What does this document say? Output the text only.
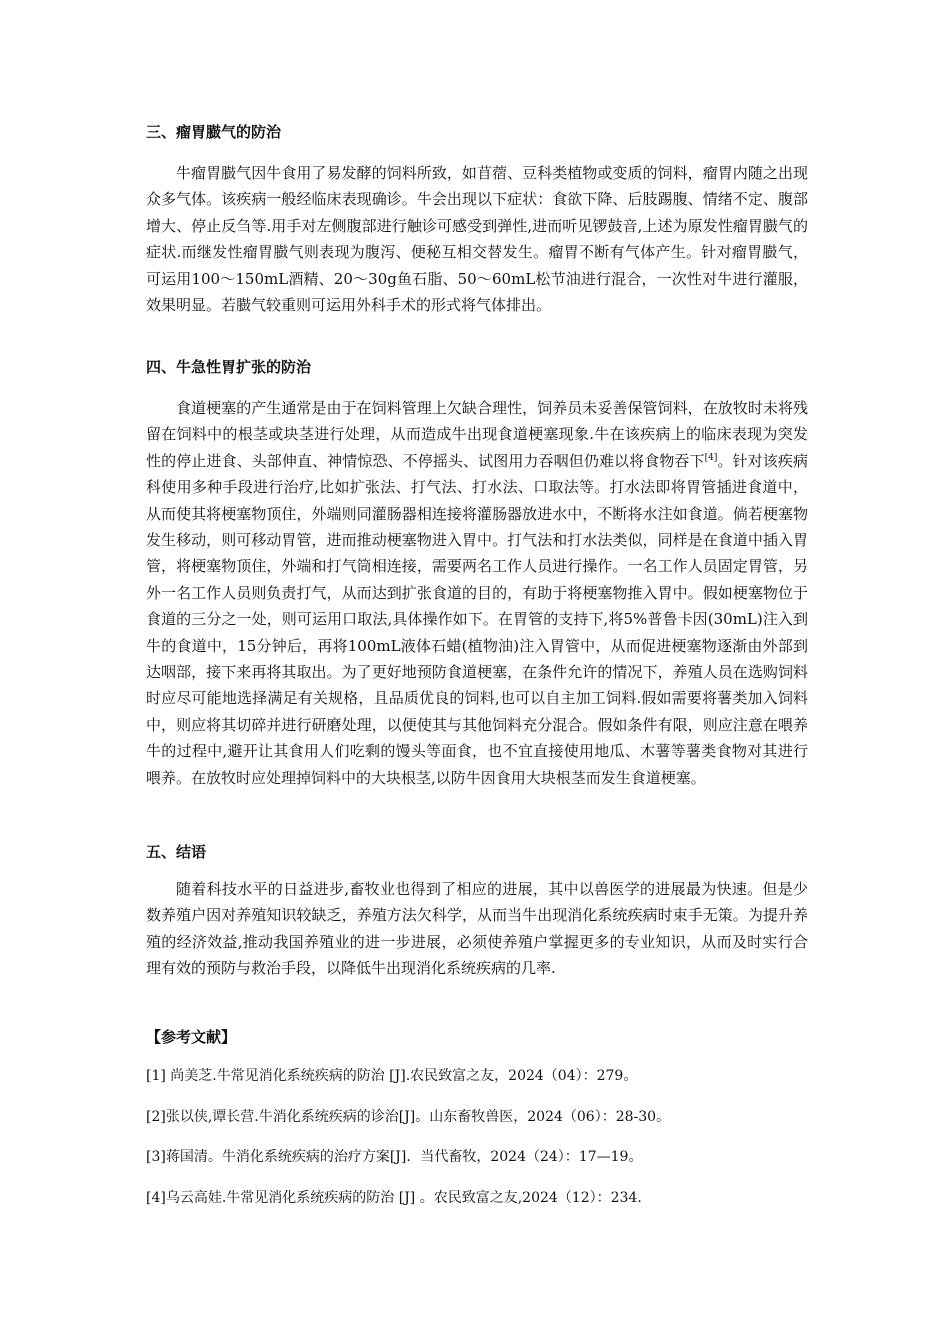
三、瘤胃臌气的防治

牛瘤胃臌气因牛食用了易发酵的饲料所致，如苜蓿、豆科类植物或变质的饲料，瘤胃内随之出现众多气体。该疾病一般经临床表现确诊。牛会出现以下症状：食欲下降、后肢踢腹、情绪不定、腹部增大、停止反刍等.用手对左侧腹部进行触诊可感受到弹性,进而听见锣鼓音,上述为原发性瘤胃臌气的症状.而继发性瘤胃臌气则表现为腹泻、便秘互相交替发生。瘤胃不断有气体产生。针对瘤胃臌气，可运用100～150mL酒精、20～30g鱼石脂、50～60mL松节油进行混合，一次性对牛进行灌服，效果明显。若臌气较重则可运用外科手术的形式将气体排出。

四、牛急性胃扩张的防治

食道梗塞的产生通常是由于在饲料管理上欠缺合理性，饲养员未妥善保管饲料，在放牧时未将残留在饲料中的根茎或块茎进行处理，从而造成牛出现食道梗塞现象.牛在该疾病上的临床表现为突发性的停止进食、头部伸直、神情惊恐、不停摇头、试图用力吞咽但仍难以将食物吞下[4]。针对该疾病科使用多种手段进行治疗,比如扩张法、打气法、打水法、口取法等。打水法即将胃管插进食道中，从而使其将梗塞物顶住，外端则同灌肠器相连接将灌肠器放进水中，不断将水注如食道。倘若梗塞物发生移动，则可移动胃管，进而推动梗塞物进入胃中。打气法和打水法类似，同样是在食道中插入胃管，将梗塞物顶住，外端和打气筒相连接，需要两名工作人员进行操作。一名工作人员固定胃管，另外一名工作人员则负责打气，从而达到扩张食道的目的，有助于将梗塞物推入胃中。假如梗塞物位于食道的三分之一处，则可运用口取法,具体操作如下。在胃管的支持下,将5%普鲁卡因(30mL)注入到牛的食道中，15分钟后，再将100mL液体石蜡(植物油)注入胃管中，从而促进梗塞物逐渐由外部到达咽部，接下来再将其取出。为了更好地预防食道梗塞，在条件允许的情况下，养殖人员在选购饲料时应尽可能地选择满足有关规格，且品质优良的饲料,也可以自主加工饲料.假如需要将薯类加入饲料中，则应将其切碎并进行研磨处理，以便使其与其他饲料充分混合。假如条件有限，则应注意在喂养牛的过程中,避开让其食用人们吃剩的馒头等面食，也不宜直接使用地瓜、木薯等薯类食物对其进行喂养。在放牧时应处理掉饲料中的大块根茎,以防牛因食用大块根茎而发生食道梗塞。

五、结语

随着科技水平的日益进步,畜牧业也得到了相应的进展，其中以兽医学的进展最为快速。但是少数养殖户因对养殖知识较缺乏，养殖方法欠科学，从而当牛出现消化系统疾病时束手无策。为提升养殖的经济效益,推动我国养殖业的进一步进展，必须使养殖户掌握更多的专业知识，从而及时实行合理有效的预防与救治手段，以降低牛出现消化系统疾病的几率.

【参考文献】
[1] 尚美芝.牛常见消化系统疾病的防治 [J].农民致富之友，2024（04）：279。
[2]张以侠,谭长营.牛消化系统疾病的诊治[J]。山东畜牧兽医，2024（06）：28-30。
[3]蒋国清。牛消化系统疾病的治疗方案[J]．当代畜牧，2024（24）：17—19。
[4]乌云高娃.牛常见消化系统疾病的防治 [J] 。农民致富之友,2024（12）：234.
